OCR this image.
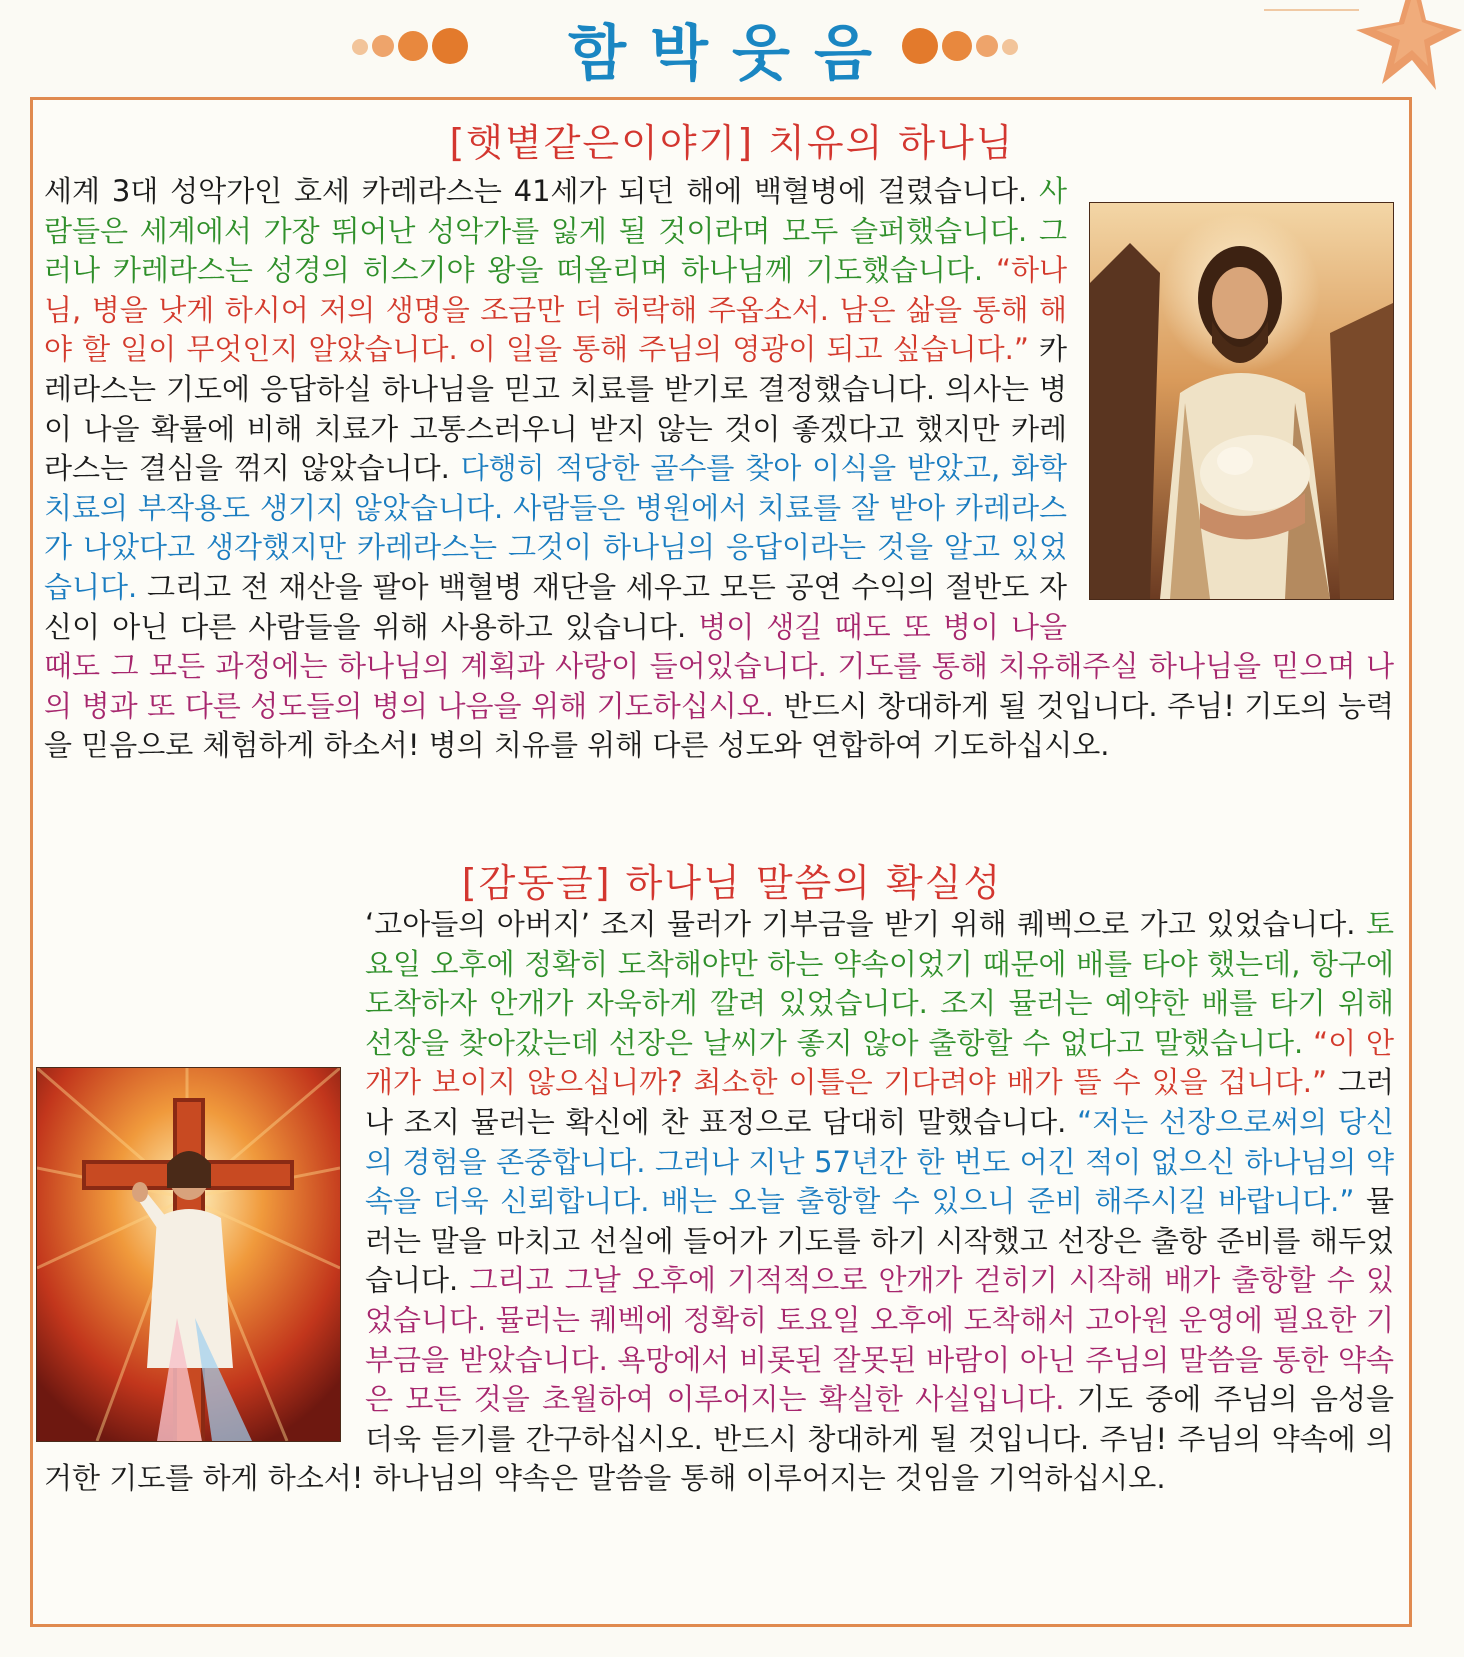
함박웃음
[햇볕같은이야기] 치유의 하나님
세계 3대 성악가인 호세 카레라스는 41세가 되던 해에 백혈병에 걸렸습니다. 사람들은 세계에서 가장 뛰어난 성악가를 잃게 될 것이라며 모두 슬퍼했습니다. 그러나 카레라스는 성경의 히스기야 왕을 떠올리며 하나님께 기도했습니다. “하나님, 병을 낫게 하시어 저의 생명을 조금만 더 허락해 주옵소서. 남은 삶을 통해 해야 할 일이 무엇인지 알았습니다. 이 일을 통해 주님의 영광이 되고 싶습니다.” 카레라스는 기도에 응답하실 하나님을 믿고 치료를 받기로 결정했습니다. 의사는 병이 나을 확률에 비해 치료가 고통스러우니 받지 않는 것이 좋겠다고 했지만 카레라스는 결심을 꺾지 않았습니다. 다행히 적당한 골수를 찾아 이식을 받았고, 화학치료의 부작용도 생기지 않았습니다. 사람들은 병원에서 치료를 잘 받아 카레라스가 나았다고 생각했지만 카레라스는 그것이 하나님의 응답이라는 것을 알고 있었습니다. 그리고 전 재산을 팔아 백혈병 재단을 세우고 모든 공연 수익의 절반도 자신이 아닌 다른 사람들을 위해 사용하고 있습니다. 병이 생길 때도 또 병이 나을 때도 그 모든 과정에는 하나님의 계획과 사랑이 들어있습니다. 기도를 통해 치유해주실 하나님을 믿으며 나의 병과 또 다른 성도들의 병의 나음을 위해 기도하십시오. 반드시 창대하게 될 것입니다. 주님! 기도의 능력을 믿음으로 체험하게 하소서! 병의 치유를 위해 다른 성도와 연합하여 기도하십시오.
[감동글] 하나님 말씀의 확실성
‘고아들의 아버지’ 조지 뮬러가 기부금을 받기 위해 퀘벡으로 가고 있었습니다. 토요일 오후에 정확히 도착해야만 하는 약속이었기 때문에 배를 타야 했는데, 항구에 도착하자 안개가 자욱하게 깔려 있었습니다. 조지 뮬러는 예약한 배를 타기 위해 선장을 찾아갔는데 선장은 날씨가 좋지 않아 출항할 수 없다고 말했습니다. “이 안개가 보이지 않으십니까? 최소한 이틀은 기다려야 배가 뜰 수 있을 겁니다.” 그러나 조지 뮬러는 확신에 찬 표정으로 담대히 말했습니다. “저는 선장으로써의 당신의 경험을 존중합니다. 그러나 지난 57년간 한 번도 어긴 적이 없으신 하나님의 약속을 더욱 신뢰합니다. 배는 오늘 출항할 수 있으니 준비 해주시길 바랍니다.” 뮬러는 말을 마치고 선실에 들어가 기도를 하기 시작했고 선장은 출항 준비를 해두었습니다. 그리고 그날 오후에 기적적으로 안개가 걷히기 시작해 배가 출항할 수 있었습니다. 뮬러는 퀘벡에 정확히 토요일 오후에 도착해서 고아원 운영에 필요한 기부금을 받았습니다. 욕망에서 비롯된 잘못된 바람이 아닌 주님의 말씀을 통한 약속은 모든 것을 초월하여 이루어지는 확실한 사실입니다. 기도 중에 주님의 음성을 더욱 듣기를 간구하십시오. 반드시 창대하게 될 것입니다. 주님! 주님의 약속에 의거한 기도를 하게 하소서! 하나님의 약속은 말씀을 통해 이루어지는 것임을 기억하십시오.
